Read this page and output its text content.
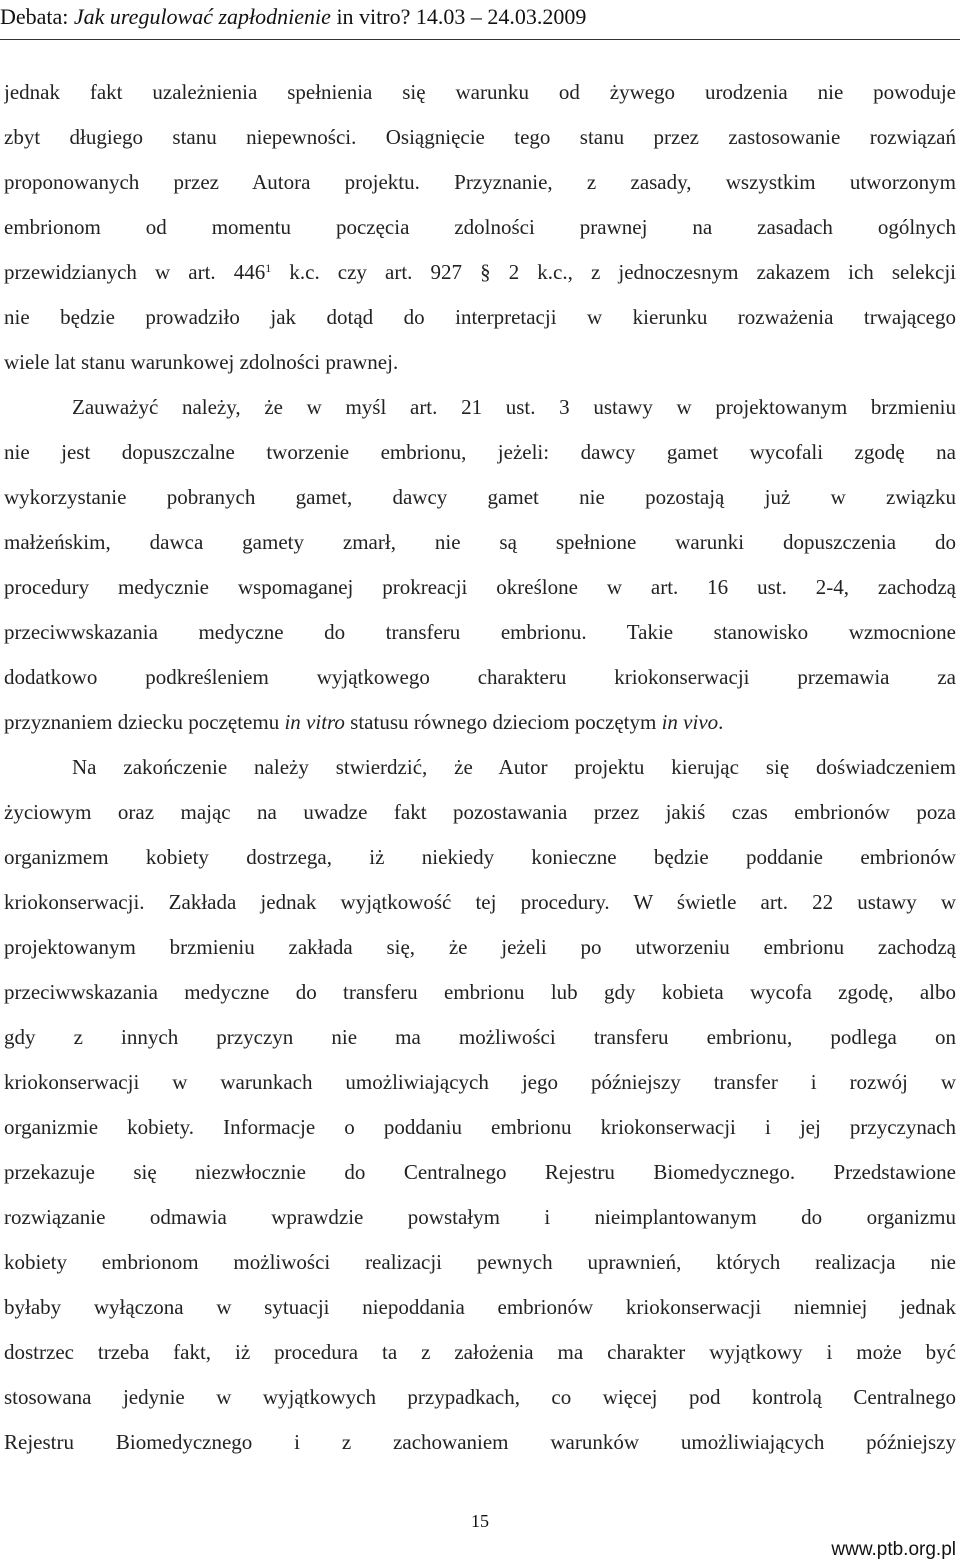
Debata: Jak uregulować zapłodnienie in vitro? 14.03 – 24.03.2009
jednak fakt uzależnienia spełnienia się warunku od żywego urodzenia nie powoduje
zbyt długiego stanu niepewności. Osiągnięcie tego stanu przez zastosowanie rozwiązań
proponowanych przez Autora projektu. Przyznanie, z zasady, wszystkim utworzonym
embrionom od momentu poczęcia zdolności prawnej na zasadach ogólnych
przewidzianych w art. $446^1$ k.c. czy art. 927 § 2 k.c., z jednoczesnym zakazem ich selekcji
nie będzie prowadziło jak dotąd do interpretacji w kierunku rozważenia trwającego
wiele lat stanu warunkowej zdolności prawnej.
Zauważyć należy, że w myśl art. 21 ust. 3 ustawy w projektowanym brzmieniu
nie jest dopuszczalne tworzenie embrionu, jeżeli: dawcy gamet wycofali zgodę na
wykorzystanie pobranych gamet, dawcy gamet nie pozostają już w związku
małżeńskim, dawca gamety zmarł, nie są spełnione warunki dopuszczenia do
procedury medycznie wspomaganej prokreacji określone w art. 16 ust. 2-4, zachodzą
przeciwwskazania medyczne do transferu embrionu. Takie stanowisko wzmocnione
dodatkowo podkreśleniem wyjątkowego charakteru kriokonserwacji przemawia za
przyznaniem dziecku poczętemu in vitro statusu równego dzieciom poczętym in vivo.
Na zakończenie należy stwierdzić, że Autor projektu kierując się doświadczeniem
życiowym oraz mając na uwadze fakt pozostawania przez jakiś czas embrionów poza
organizmem kobiety dostrzega, iż niekiedy konieczne będzie poddanie embrionów
kriokonserwacji. Zakłada jednak wyjątkowość tej procedury. W świetle art. 22 ustawy w
projektowanym brzmieniu zakłada się, że jeżeli po utworzeniu embrionu zachodzą
przeciwwskazania medyczne do transferu embrionu lub gdy kobieta wycofa zgodę, albo
gdy z innych przyczyn nie ma możliwości transferu embrionu, podlega on
kriokonserwacji w warunkach umożliwiających jego późniejszy transfer i rozwój w
organizmie kobiety. Informacje o poddaniu embrionu kriokonserwacji i jej przyczynach
przekazuje się niezwłocznie do Centralnego Rejestru Biomedycznego. Przedstawione
rozwiązanie odmawia wprawdzie powstałym i nieimplantowanym do organizmu
kobiety embrionom możliwości realizacji pewnych uprawnień, których realizacja nie
byłaby wyłączona w sytuacji niepoddania embrionów kriokonserwacji niemniej jednak
dostrzec trzeba fakt, iż procedura ta z założenia ma charakter wyjątkowy i może być
stosowana jedynie w wyjątkowych przypadkach, co więcej pod kontrolą Centralnego
Rejestru Biomedycznego i z zachowaniem warunków umożliwiających późniejszy
15
www.ptb.org.pl
